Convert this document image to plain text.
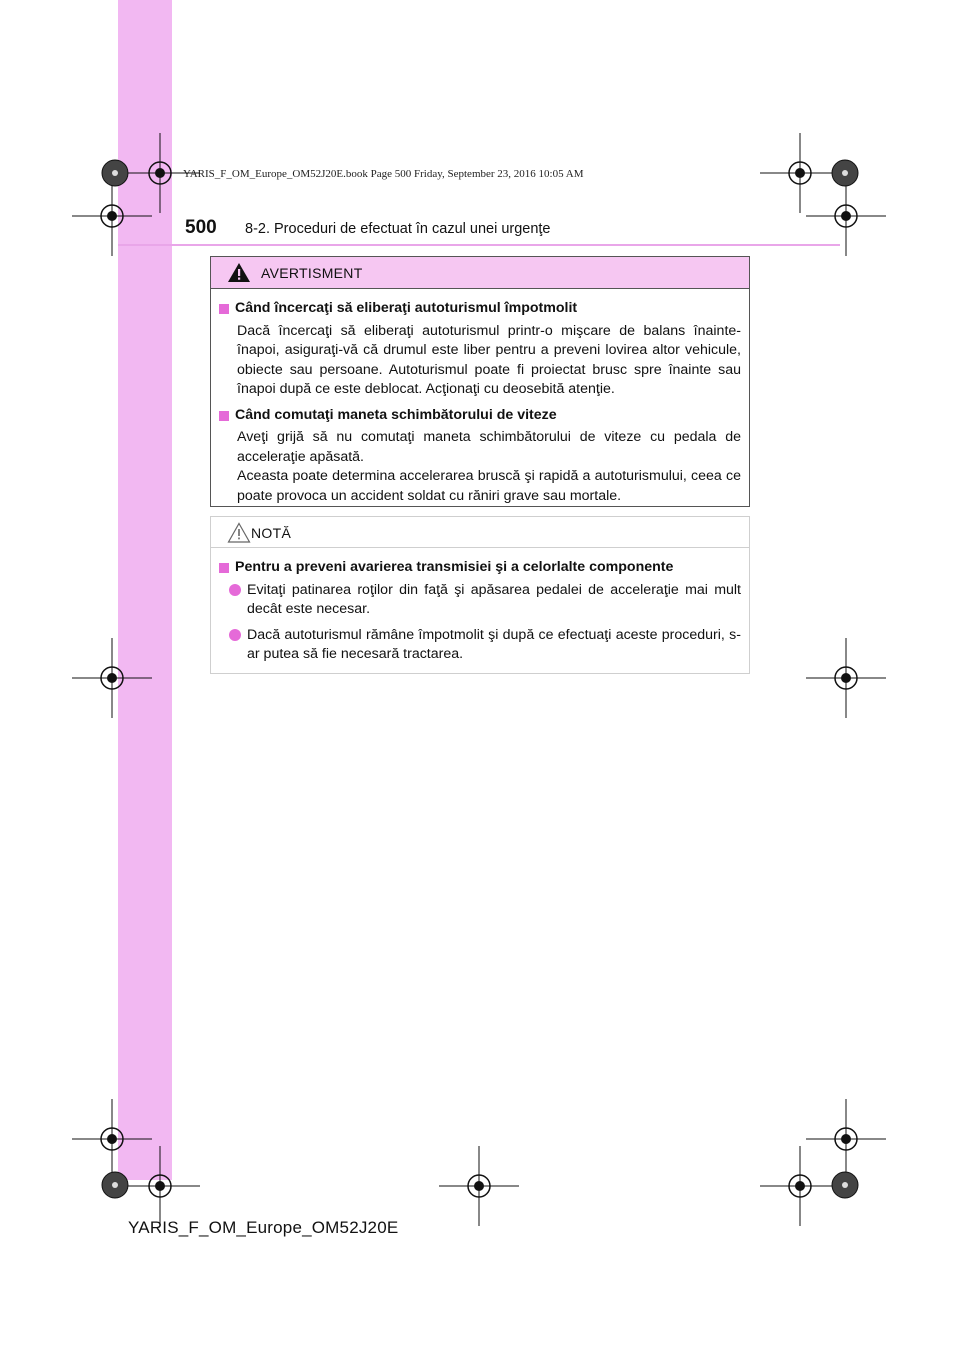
YARIS_F_OM_Europe_OM52J20E.book Page 500 Friday, September 23, 2016 10:05 AM
500 8-2. Proceduri de efectuat în cazul unei urgenţe
AVERTISMENT
Când încercaţi să eliberaţi autoturismul împotmolit
Dacă încercaţi să eliberaţi autoturismul printr-o mişcare de balans înainte-înapoi, asiguraţi-vă că drumul este liber pentru a preveni lovirea altor vehicule, obiecte sau persoane. Autoturismul poate fi proiectat brusc spre înainte sau înapoi după ce este deblocat. Acţionaţi cu deosebită atenţie.
Când comutaţi maneta schimbătorului de viteze
Aveţi grijă să nu comutaţi maneta schimbătorului de viteze cu pedala de acceleraţie apăsată.
Aceasta poate determina accelerarea bruscă şi rapidă a autoturismului, ceea ce poate provoca un accident soldat cu răniri grave sau mortale.
NOTĂ
Pentru a preveni avarierea transmisiei şi a celorlalte componente
Evitaţi patinarea roţilor din faţă şi apăsarea pedalei de acceleraţie mai mult decât este necesar.
Dacă autoturismul rămâne împotmolit şi după ce efectuaţi aceste proceduri, s-ar putea să fie necesară tractarea.
YARIS_F_OM_Europe_OM52J20E
